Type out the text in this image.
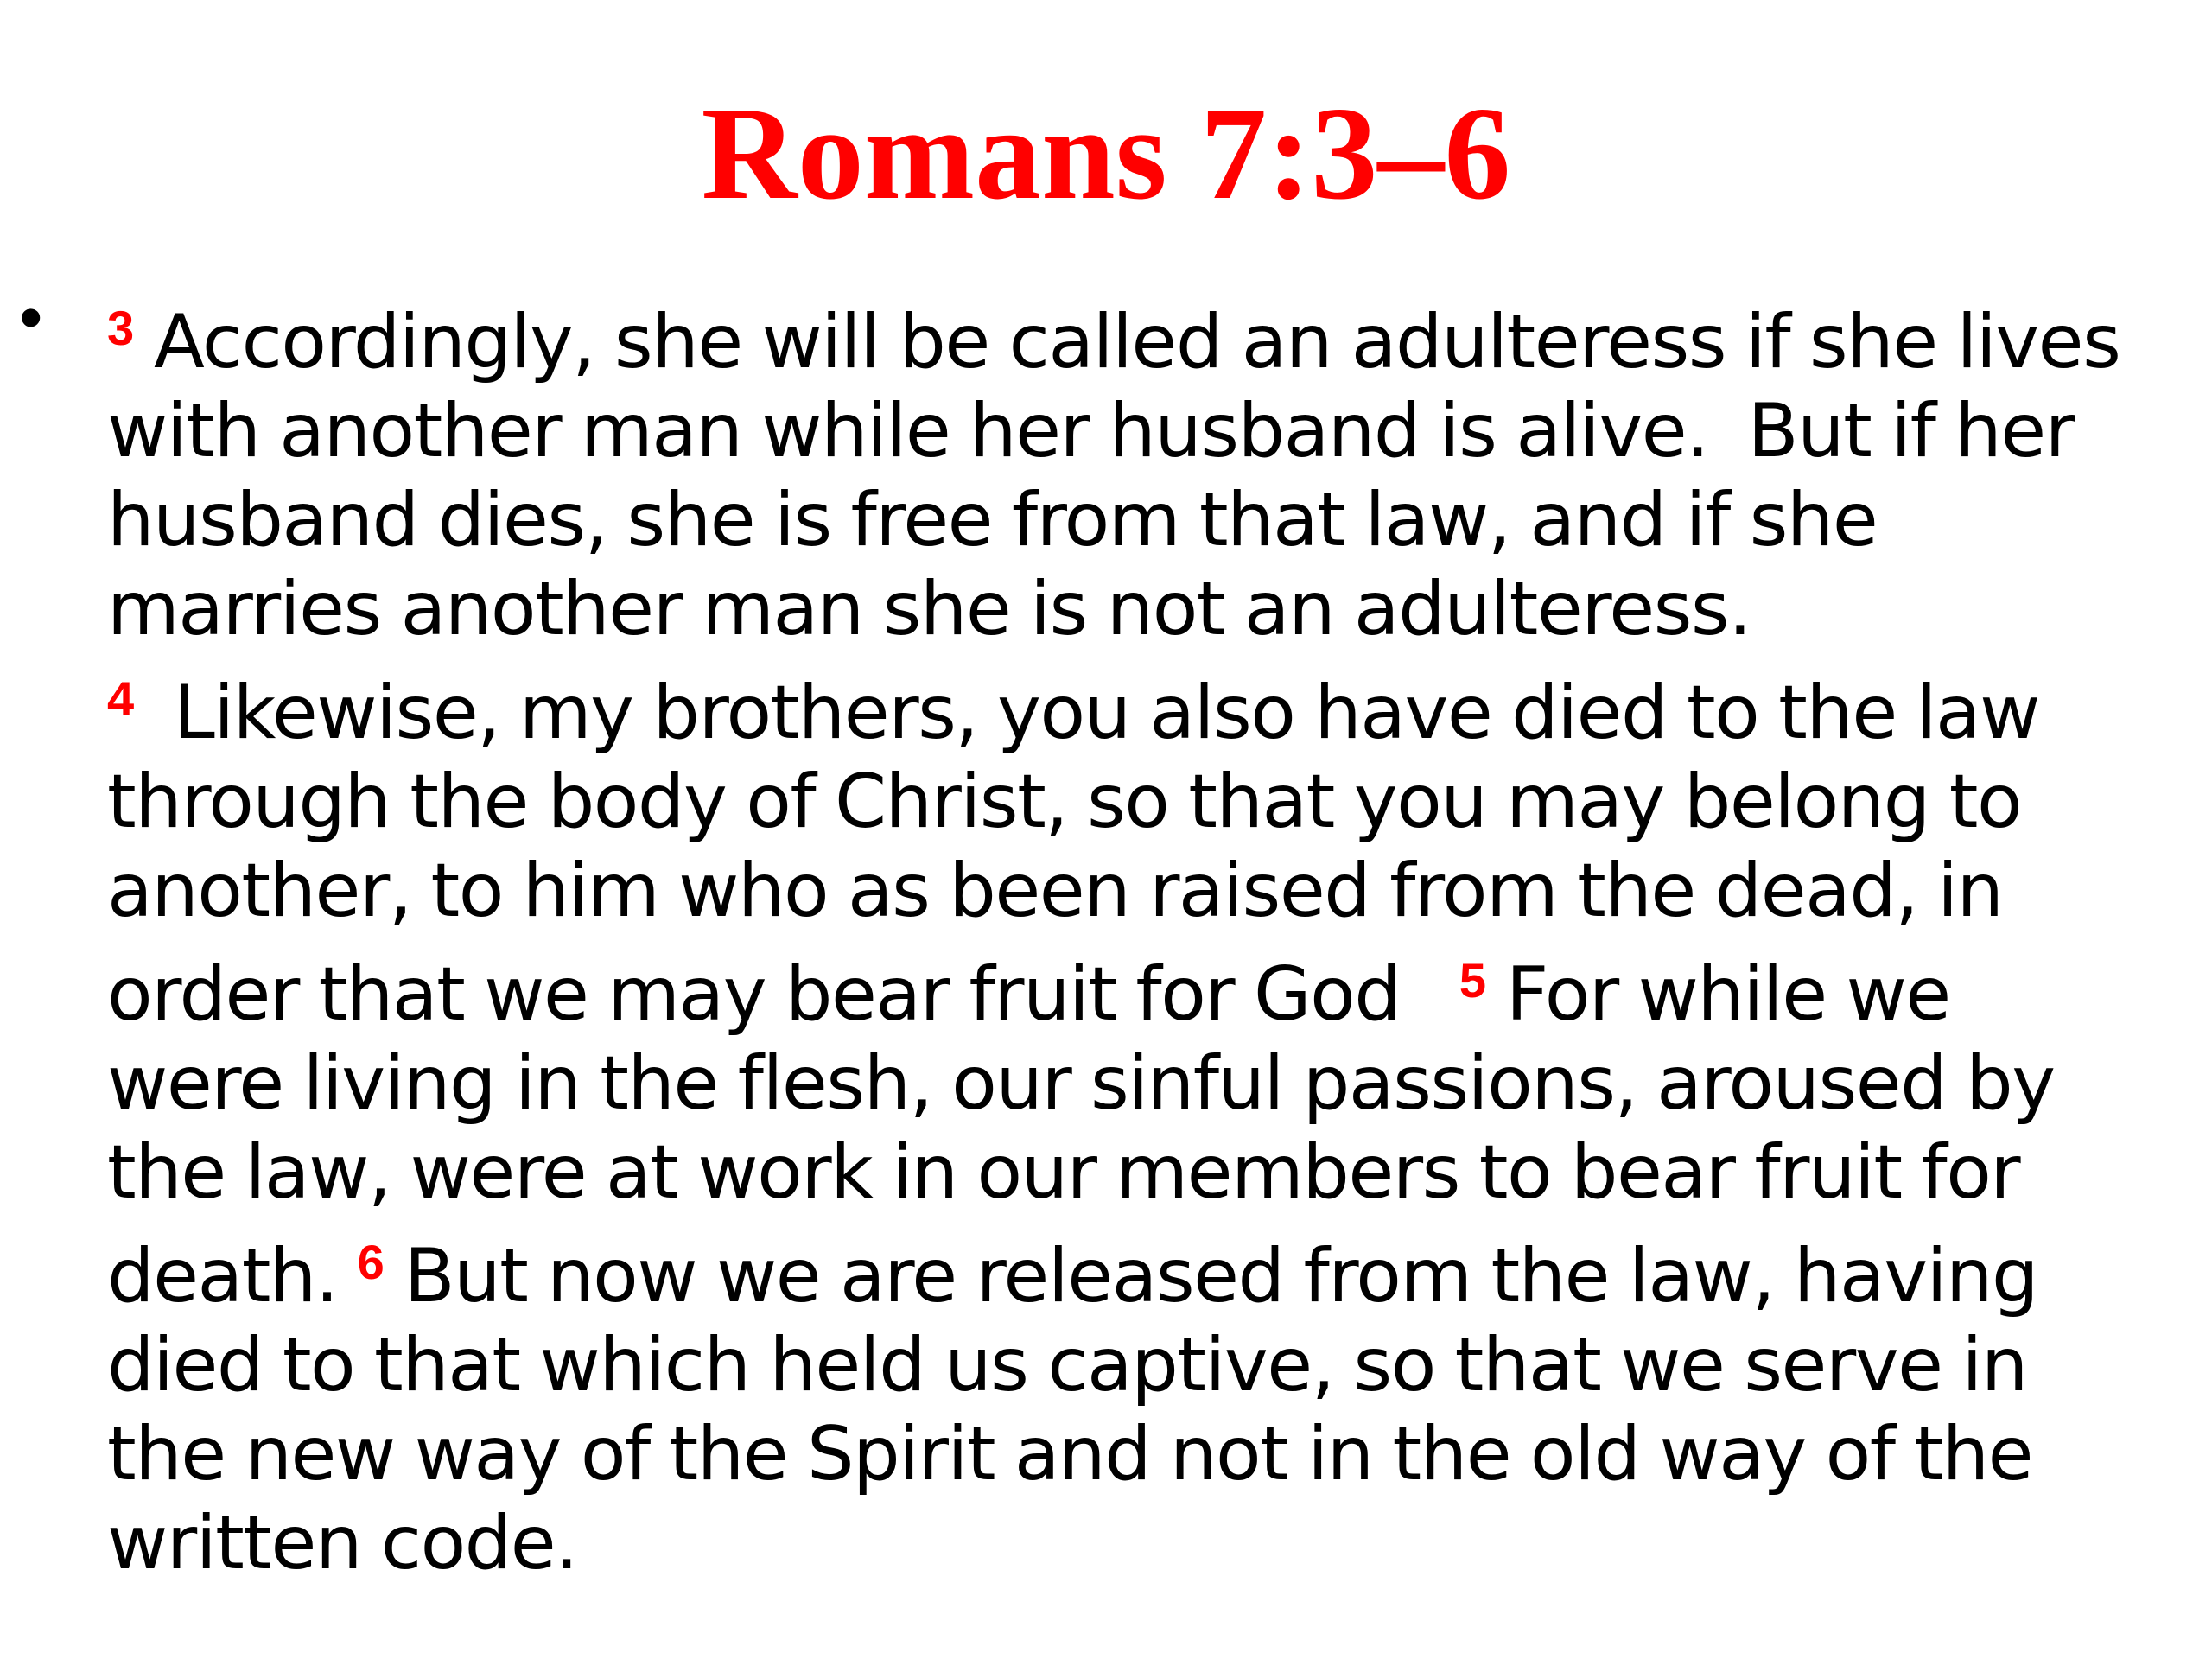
Romans 7:3–6
•	$^3$ Accordingly, she will be called an adulteress if she lives
with another man while her husband is alive.  But if her
husband dies, she is free from that law, and if she
marries another man she is not an adulteress.
$^4$  Likewise, my brothers, you also have died to the law
through the body of Christ, so that you may belong to
another, to him who as been raised from the dead, in
order that we may bear fruit for God   $^5$ For while we
were living in the flesh, our sinful passions, aroused by
the law, were at work in our members to bear fruit for
death. $^6$ But now we are released from the law, having
died to that which held us captive, so that we serve in
the new way of the Spirit and not in the old way of the
written code.
